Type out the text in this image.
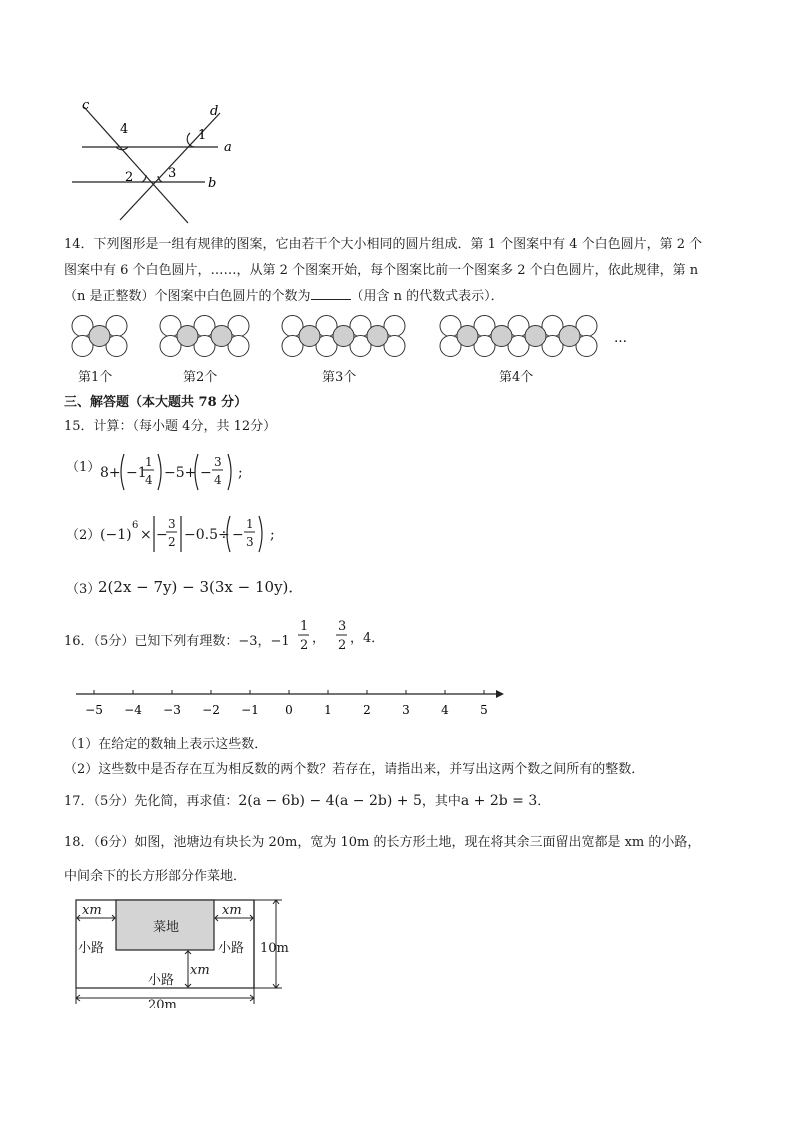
c	d
a
b
1
2	3
4
14．下列图形是一组有规律的图案，它由若干个大小相同的圆片组成．第 1 个图案中有 4 个白色圆片，第 2 个
图案中有 6 个白色圆片，……，从第 2 个图案开始，每个图案比前一个图案多 2 个白色圆片，依此规律，第 n
（n 是正整数）个图案中白色圆片的个数为	（用含 n 的代数式表示）．
…
第1个	第2个	第3个	第4个
三、解答题（本大题共 78 分）
15．计算：（每小题 4分，共 12分）
（1） 8+ −1
1
4 −5+ −
3
4 ;
（2） (−1)
6
× −
3
2 −0.5÷ −
1
3 ;
（3）
2(2x − 7y) − 3(3x − 10y)．
16．（5分）已知下列有理数：−3，−1
1
2 ，
3
2 ，4．
−5 −4 −3 −2 −1 0	1	2	3	4	5
（1）在给定的数轴上表示这些数．
（2）这些数中是否存在互为相反数的两个数？若存在，请指出来，并写出这两个数之间所有的整数．
17．（5分）先化简，再求值：2(a − 6b) − 4(a − 2b) + 5，其中a + 2b = 3．
18．（6分）如图，池塘边有块长为 20m，宽为 10m 的长方形土地，现在将其余三面留出宽都是 xm 的小路，
中间余下的长方形部分作菜地．
菜地
xm	xm
xm
小路	小路
小路
10m
20m
